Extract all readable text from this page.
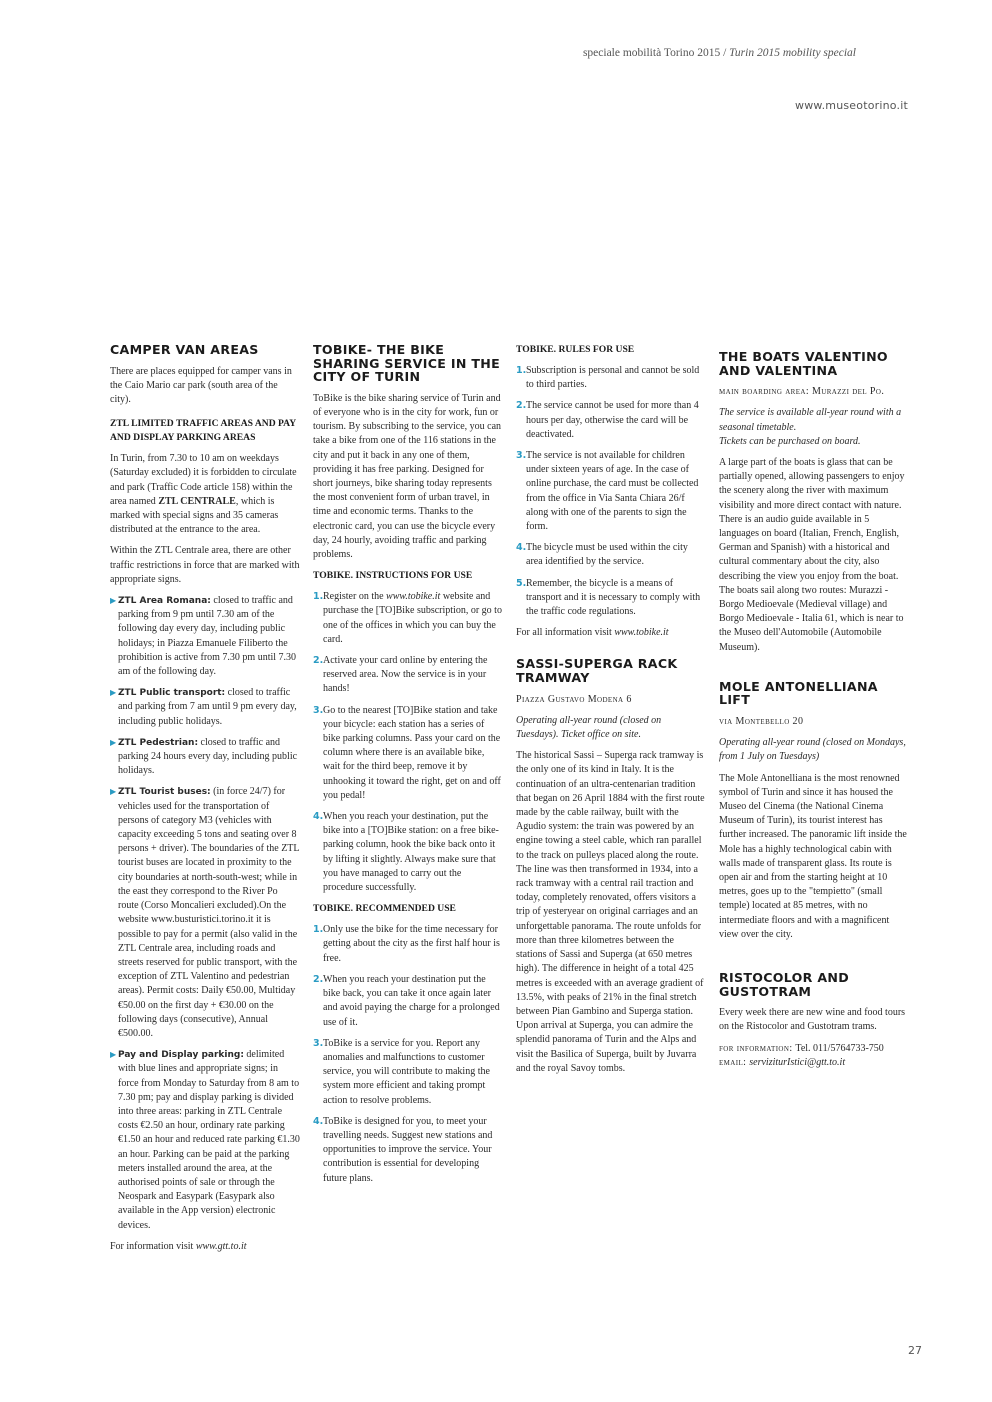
speciale mobilità Torino 2015 / Turin 2015 mobility special
www.museotorino.it
CAMPER VAN AREAS

There are places equipped for camper vans in the Caio Mario car park (south area of the city).

ZTL LIMITED TRAFFIC AREAS AND PAY AND DISPLAY PARKING AREAS

In Turin, from 7.30 to 10 am on weekdays (Saturday excluded) it is forbidden to circulate and park (Traffic Code article 158) within the area named ZTL CENTRALE, which is marked with special signs and 35 cameras distributed at the entrance to the area.

Within the ZTL Centrale area, there are other traffic restrictions in force that are marked with appropriate signs.

▶ ZTL Area Romana: closed to traffic and parking from 9 pm until 7.30 am of the following day every day, including public holidays; in Piazza Emanuele Filiberto the prohibition is active from 7.30 pm until 7.30 am of the following day.
▶ ZTL Public transport: closed to traffic and parking from 7 am until 9 pm every day, including public holidays.
▶ ZTL Pedestrian: closed to traffic and parking 24 hours every day, including public holidays.
▶ ZTL Tourist buses: (in force 24/7) for vehicles used for the transportation of persons of category M3 (vehicles with capacity exceeding 5 tons and seating over 8 persons + driver). The boundaries of the ZTL tourist buses are located in proximity to the city boundaries at north-south-west; while in the east they correspond to the River Po route (Corso Moncalieri excluded).On the website www.busturistici.torino.it it is possible to pay for a permit (also valid in the ZTL Centrale area, including roads and streets reserved for public transport, with the exception of ZTL Valentino and pedestrian areas). Permit costs: Daily €50.00, Multiday €50.00 on the first day + €30.00 on the following days (consecutive), Annual €500.00.
▶ Pay and Display parking: delimited with blue lines and appropriate signs; in force from Monday to Saturday from 8 am to 7.30 pm; pay and display parking is divided into three areas: parking in ZTL Centrale costs €2.50 an hour, ordinary rate parking €1.50 an hour and reduced rate parking €1.30 an hour. Parking can be paid at the parking meters installed around the area, at the authorised points of sale or through the Neospark and Easypark (Easypark also available in the App version) electronic devices.

For information visit www.gtt.to.it

TOBIKE- THE BIKE SHARING SERVICE IN THE CITY OF TURIN

ToBike is the bike sharing service of Turin and of everyone who is in the city for work, fun or tourism. By subscribing to the service, you can take a bike from one of the 116 stations in the city and put it back in any one of them, providing it has free parking. Designed for short journeys, bike sharing today represents the most convenient form of urban travel, in time and economic terms. Thanks to the electronic card, you can use the bicycle every day, 24 hourly, avoiding traffic and parking problems.

TOBIKE. INSTRUCTIONS FOR USE
1. Register on the www.tobike.it website and purchase the [TO]Bike subscription, or go to one of the offices in which you can buy the card.
2. Activate your card online by entering the reserved area. Now the service is in your hands!
3. Go to the nearest [TO]Bike station and take your bicycle: each station has a series of bike parking columns. Pass your card on the column where there is an available bike, wait for the third beep, remove it by unhooking it toward the right, get on and off you pedal!
4. When you reach your destination, put the bike into a [TO]Bike station: on a free bike-parking column, hook the bike back onto it by lifting it slightly. Always make sure that you have managed to carry out the procedure successfully.
TOBIKE. RECOMMENDED USE
1. Only use the bike for the time necessary for getting about the city as the first half hour is free.
2. When you reach your destination put the bike back, you can take it once again later and avoid paying the charge for a prolonged use of it.
3. ToBike is a service for you. Report any anomalies and malfunctions to customer service, you will contribute to making the system more efficient and taking prompt action to resolve problems.
4. ToBike is designed for you, to meet your travelling needs. Suggest new stations and opportunities to improve the service. Your contribution is essential for developing future plans.
TOBIKE. RULES FOR USE
1. Subscription is personal and cannot be sold to third parties.
2. The service cannot be used for more than 4 hours per day, otherwise the card will be deactivated.
3. The service is not available for children under sixteen years of age. In the case of online purchase, the card must be collected from the office in Via Santa Chiara 26/f along with one of the parents to sign the form.
4. The bicycle must be used within the city area identified by the service.
5. Remember, the bicycle is a means of transport and it is necessary to comply with the traffic code regulations.

For all information visit www.tobike.it

SASSI-SUPERGA RACK TRAMWAY

Piazza Gustavo Modena 6

Operating all-year round (closed on Tuesdays). Ticket office on site.

The historical Sassi – Superga rack tramway is the only one of its kind in Italy. It is the continuation of an ultra-centenarian tradition that began on 26 April 1884 with the first route made by the cable railway, built with the Agudio system: the train was powered by an engine towing a steel cable, which ran parallel to the track on pulleys placed along the route. The line was then transformed in 1934, into a rack tramway with a central rail traction and today, completely renovated, offers visitors a trip of yesteryear on original carriages and an unforgettable panorama. The route unfolds for more than three kilometres between the stations of Sassi and Superga (at 650 metres high). The difference in height of a total 425 metres is exceeded with an average gradient of 13.5%, with peaks of 21% in the final stretch between Pian Gambino and Superga station. Upon arrival at Superga, you can admire the splendid panorama of Turin and the Alps and visit the Basilica of Superga, built by Juvarra and the royal Savoy tombs.

THE BOATS VALENTINO AND VALENTINA

main boarding area: Murazzi del Po.

The service is available all-year round with a seasonal timetable.
Tickets can be purchased on board.

A large part of the boats is glass that can be partially opened, allowing passengers to enjoy the scenery along the river with maximum visibility and more direct contact with nature. There is an audio guide available in 5 languages on board (Italian, French, English, German and Spanish) with a historical and cultural commentary about the city, also describing the view you enjoy from the boat. The boats sail along two routes: Murazzi - Borgo Medioevale (Medieval village) and Borgo Medioevale - Italia 61, which is near to the Museo dell'Automobile (Automobile Museum).

MOLE ANTONELLIANA LIFT

via Montebello 20

Operating all-year round (closed on Mondays, from 1 July on Tuesdays)

The Mole Antonelliana is the most renowned symbol of Turin and since it has housed the Museo del Cinema (the National Cinema Museum of Turin), its tourist interest has further increased. The panoramic lift inside the Mole has a highly technological cabin with walls made of transparent glass. Its route is open air and from the starting height at 10 metres, goes up to the "tempietto" (small temple) located at 85 metres, with no intermediate floors and with a magnificent view over the city.

RISTOCOLOR AND GUSTOTRAM

Every week there are new wine and food tours on the Ristocolor and Gustotram trams.

for information: Tel. 011/5764733-750

email: serviziturIstici@gtt.to.it

27
